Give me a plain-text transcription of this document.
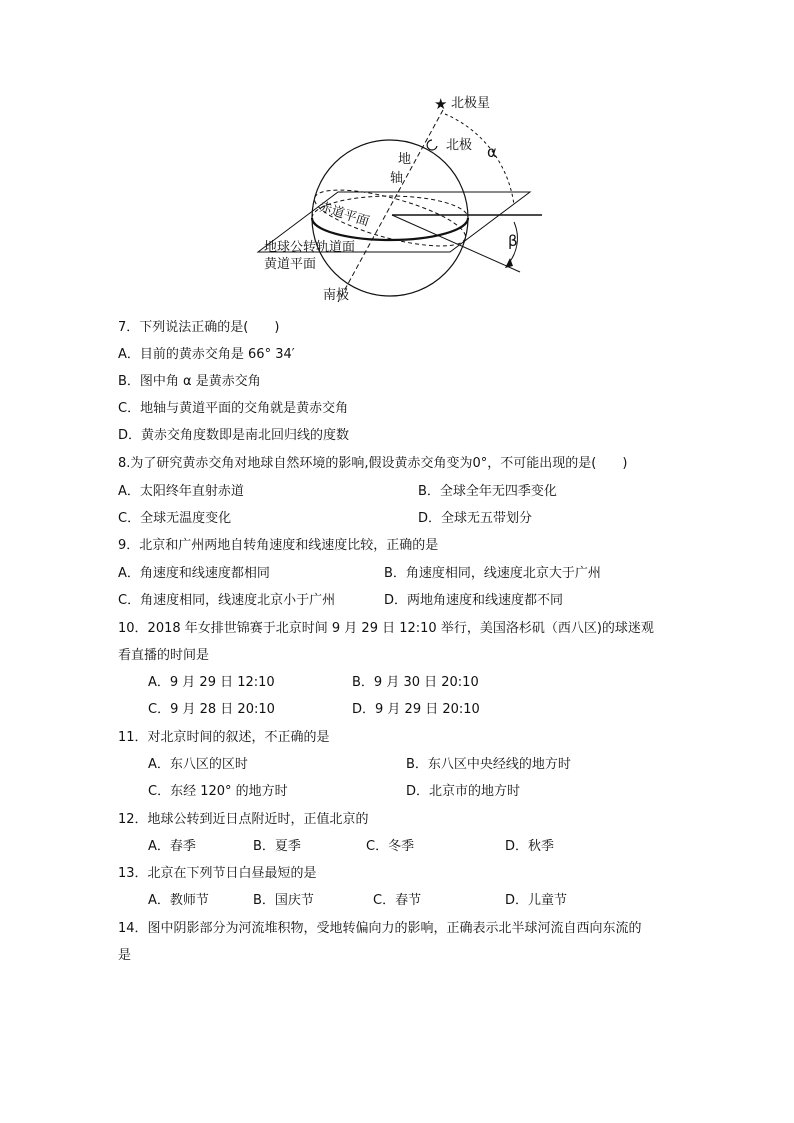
★ 北极星
北极
地
轴
赤道平面
地球公转轨道面
黄道平面
南极
α
β
7．下列说法正确的是(　　)
A．目前的黄赤交角是 66° 34′
B．图中角 α 是黄赤交角
C．地轴与黄道平面的交角就是黄赤交角
D．黄赤交角度数即是南北回归线的度数
8.为了研究黄赤交角对地球自然环境的影响,假设黄赤交角变为0°，不可能出现的是(　　)
A．太阳终年直射赤道	B．全球全年无四季变化
C．全球无温度变化	D．全球无五带划分
9．北京和广州两地自转角速度和线速度比较，正确的是
A．角速度和线速度都相同	B．角速度相同，线速度北京大于广州
C．角速度相同，线速度北京小于广州	D．两地角速度和线速度都不同
10．2018 年女排世锦赛于北京时间 9 月 29 日 12:10 举行，美国洛杉矶（西八区)的球迷观
看直播的时间是
A．9 月 29 日 12:10	B．9 月 30 日 20:10
C．9 月 28 日 20:10	D．9 月 29 日 20:10
11．对北京时间的叙述，不正确的是
A．东八区的区时	B．东八区中央经线的地方时
C．东经 120° 的地方时	D．北京市的地方时
12．地球公转到近日点附近时，正值北京的
A．春季	B．夏季	C．冬季	D．秋季
13．北京在下列节日白昼最短的是
A．教师节	B．国庆节	C．春节	D．儿童节
14．图中阴影部分为河流堆积物，受地转偏向力的影响，正确表示北半球河流自西向东流的
是
